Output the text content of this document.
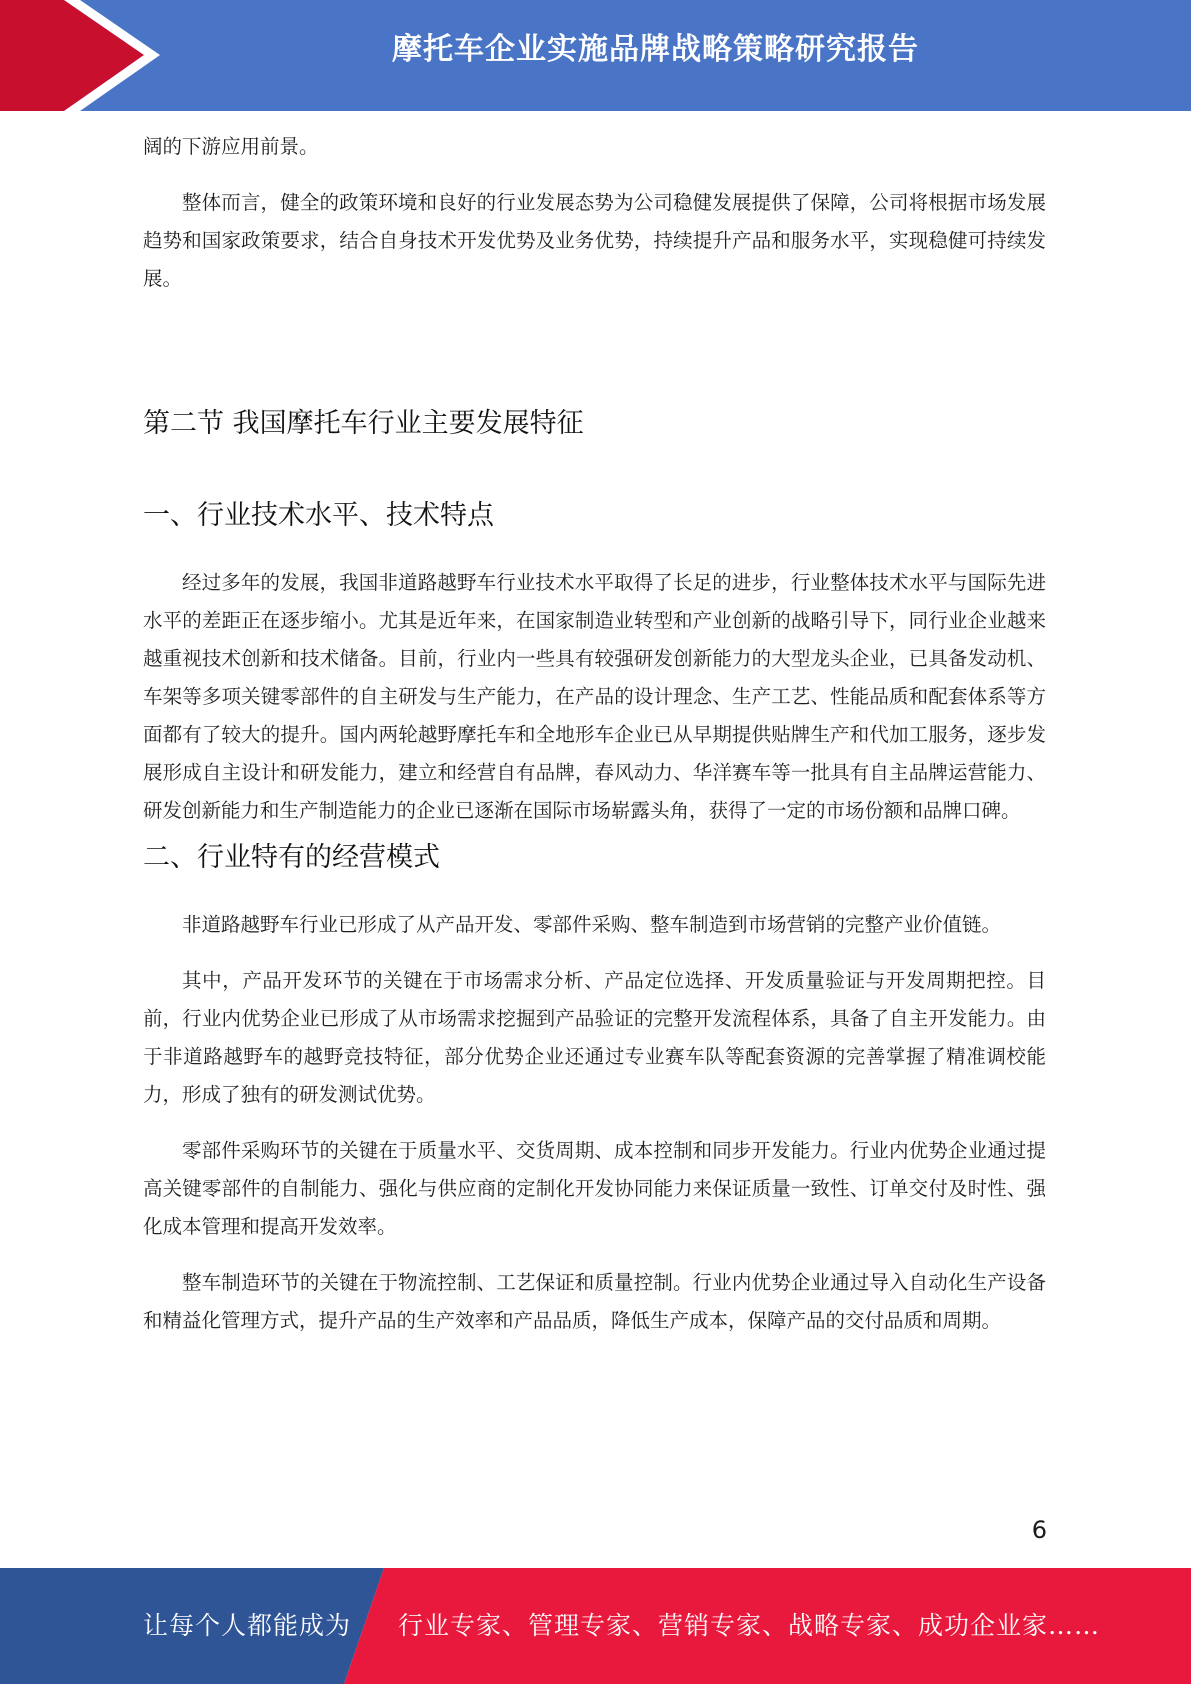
摩托车企业实施品牌战略策略研究报告

阔的下游应用前景。

整体而言，健全的政策环境和良好的行业发展态势为公司稳健发展提供了保障，公司将根据市场发展趋势和国家政策要求，结合自身技术开发优势及业务优势，持续提升产品和服务水平，实现稳健可持续发展。

第二节 我国摩托车行业主要发展特征
一、行业技术水平、技术特点

经过多年的发展，我国非道路越野车行业技术水平取得了长足的进步，行业整体技术水平与国际先进水平的差距正在逐步缩小。尤其是近年来，在国家制造业转型和产业创新的战略引导下，同行业企业越来越重视技术创新和技术储备。目前，行业内一些具有较强研发创新能力的大型龙头企业，已具备发动机、车架等多项关键零部件的自主研发与生产能力，在产品的设计理念、生产工艺、性能品质和配套体系等方面都有了较大的提升。国内两轮越野摩托车和全地形车企业已从早期提供贴牌生产和代加工服务，逐步发展形成自主设计和研发能力，建立和经营自有品牌，春风动力、华洋赛车等一批具有自主品牌运营能力、研发创新能力和生产制造能力的企业已逐渐在国际市场崭露头角，获得了一定的市场份额和品牌口碑。

二、行业特有的经营模式

非道路越野车行业已形成了从产品开发、零部件采购、整车制造到市场营销的完整产业价值链。

其中，产品开发环节的关键在于市场需求分析、产品定位选择、开发质量验证与开发周期把控。目前，行业内优势企业已形成了从市场需求挖掘到产品验证的完整开发流程体系，具备了自主开发能力。由于非道路越野车的越野竞技特征，部分优势企业还通过专业赛车队等配套资源的完善掌握了精准调校能力，形成了独有的研发测试优势。

零部件采购环节的关键在于质量水平、交货周期、成本控制和同步开发能力。行业内优势企业通过提高关键零部件的自制能力、强化与供应商的定制化开发协同能力来保证质量一致性、订单交付及时性、强化成本管理和提高开发效率。

整车制造环节的关键在于物流控制、工艺保证和质量控制。行业内优势企业通过导入自动化生产设备和精益化管理方式，提升产品的生产效率和产品品质，降低生产成本，保障产品的交付品质和周期。

6
让每个人都能成为 行业专家、管理专家、营销专家、战略专家、成功企业家……
